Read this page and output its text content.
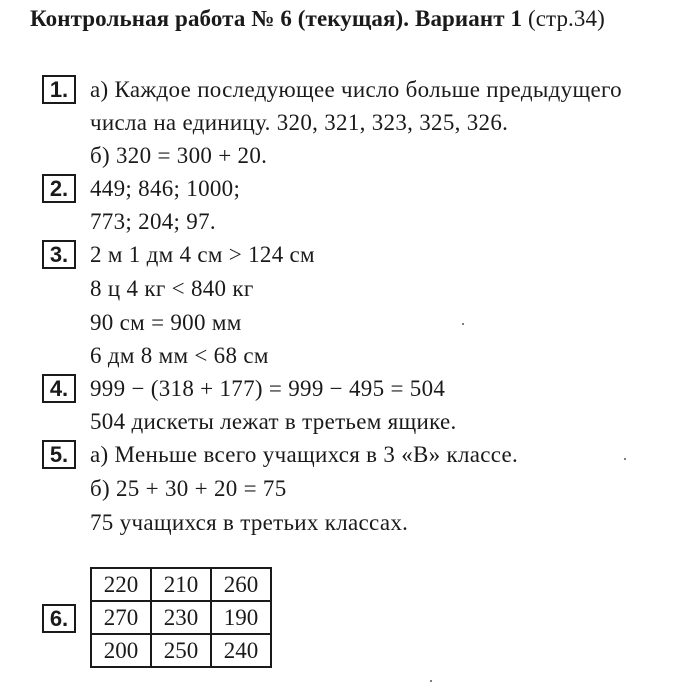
Контрольная работа № 6 (текущая). Вариант 1 (стр.34)
1. а) Каждое последующее число больше предыдущего
числа на единицу. 320, 321, 323, 325, 326.
б) 320 = 300 + 20.
2. 449; 846; 1000;
773; 204; 97.
3. 2 м 1 дм 4 см > 124 см
8 ц 4 кг < 840 кг
90 см = 900 мм
6 дм 8 мм < 68 см
4. 999 − (318 + 177) = 999 − 495 = 504
504 дискеты лежат в третьем ящике.
5. а) Меньше всего учащихся в 3 «В» классе.
б) 25 + 30 + 20 = 75
75 учащихся в третьих классах.
6.
220	210	260
270	230	190
200	250	240
